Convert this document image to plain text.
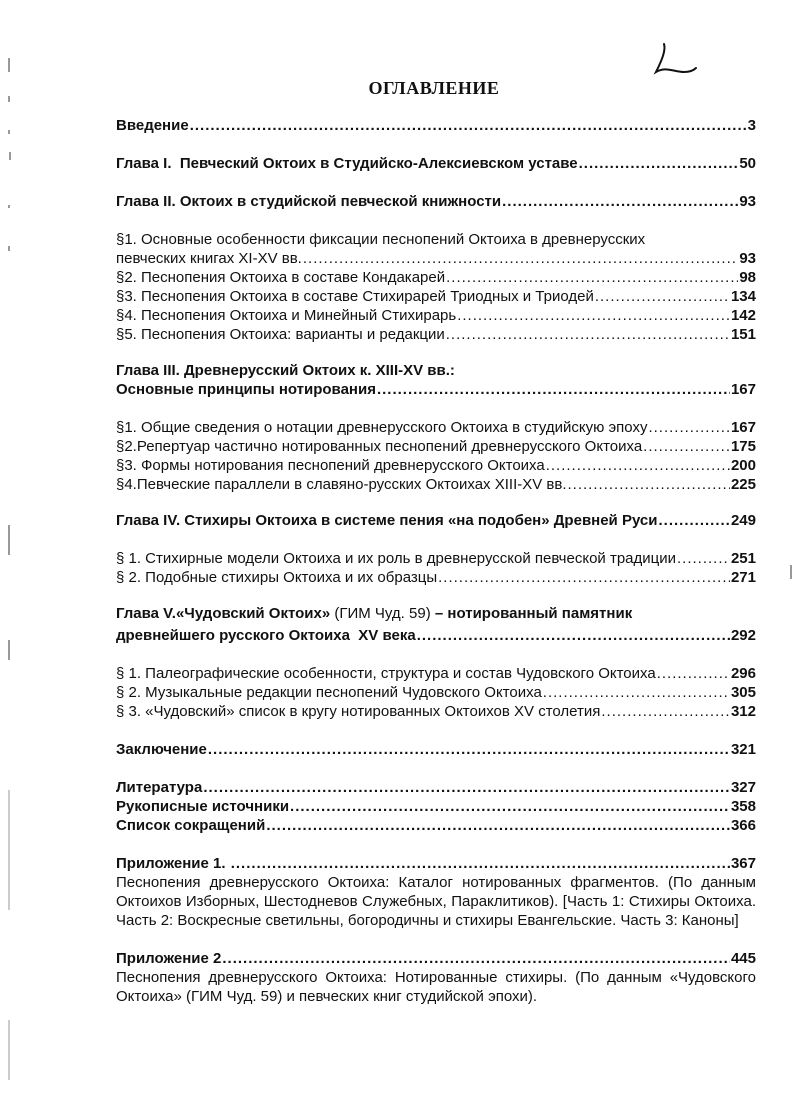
ОГЛАВЛЕНИЕ
Введение .....	3
Глава I.  Певческий Октоих в Студийско-Алексиевском уставе .....	50
Глава II. Октоих в студийской певческой книжности .....	93
§1. Основные особенности фиксации песнопений Октоиха в древнерусских
певческих книгах XI-XV вв. .....	93
§2. Песнопения Октоиха в составе Кондакарей .....	98
§3. Песнопения Октоиха в составе Стихирарей Триодных и Триодей .....	134
§4. Песнопения Октоиха и Минейный Стихирарь .....	142
§5. Песнопения Октоиха: варианты и редакции .....	151
Глава III. Древнерусский Октоих к. XIII-XV вв.:
Основные принципы нотирования .....	167
§1. Общие сведения о нотации древнерусского Октоиха в студийскую эпоху .....	167
§2.Репертуар частично нотированных песнопений древнерусского Октоиха .....	175
§3. Формы нотирования песнопений древнерусского Октоиха .....	200
§4.Певческие параллели в славяно-русских Октоихах XIII-XV вв. .....	225
Глава IV. Стихиры Октоиха в системе пения «на подобен» Древней Руси .....	249
§ 1. Стихирные модели Октоиха и их роль в древнерусской певческой традиции .....	251
§ 2. Подобные стихиры Октоиха и их образцы .....	271
Глава V.«Чудовский Октоих» (ГИМ Чуд. 59) – нотированный памятник
древнейшего русского Октоиха  XV века .....	292
§ 1. Палеографические особенности, структура и состав Чудовского Октоиха .....	296
§ 2. Музыкальные редакции песнопений Чудовского Октоиха .....	305
§ 3. «Чудовский» список в кругу нотированных Октоихов XV столетия .....	312
Заключение .....	321
Литература .....	327
Рукописные источники .....	358
Список сокращений .....	366
Приложение 1. .....	367
Песнопения древнерусского Октоиха: Каталог нотированных фрагментов. (По данным Октоихов Изборных, Шестодневов Служебных, Параклитиков). [Часть 1: Стихиры Октоиха. Часть 2: Воскресные светильны, богородичны и стихиры Евангельские. Часть 3: Каноны]
Приложение 2 .....	445
Песнопения древнерусского Октоиха: Нотированные стихиры. (По данным «Чудовского Октоиха» (ГИМ Чуд. 59) и певческих книг студийской эпохи).
